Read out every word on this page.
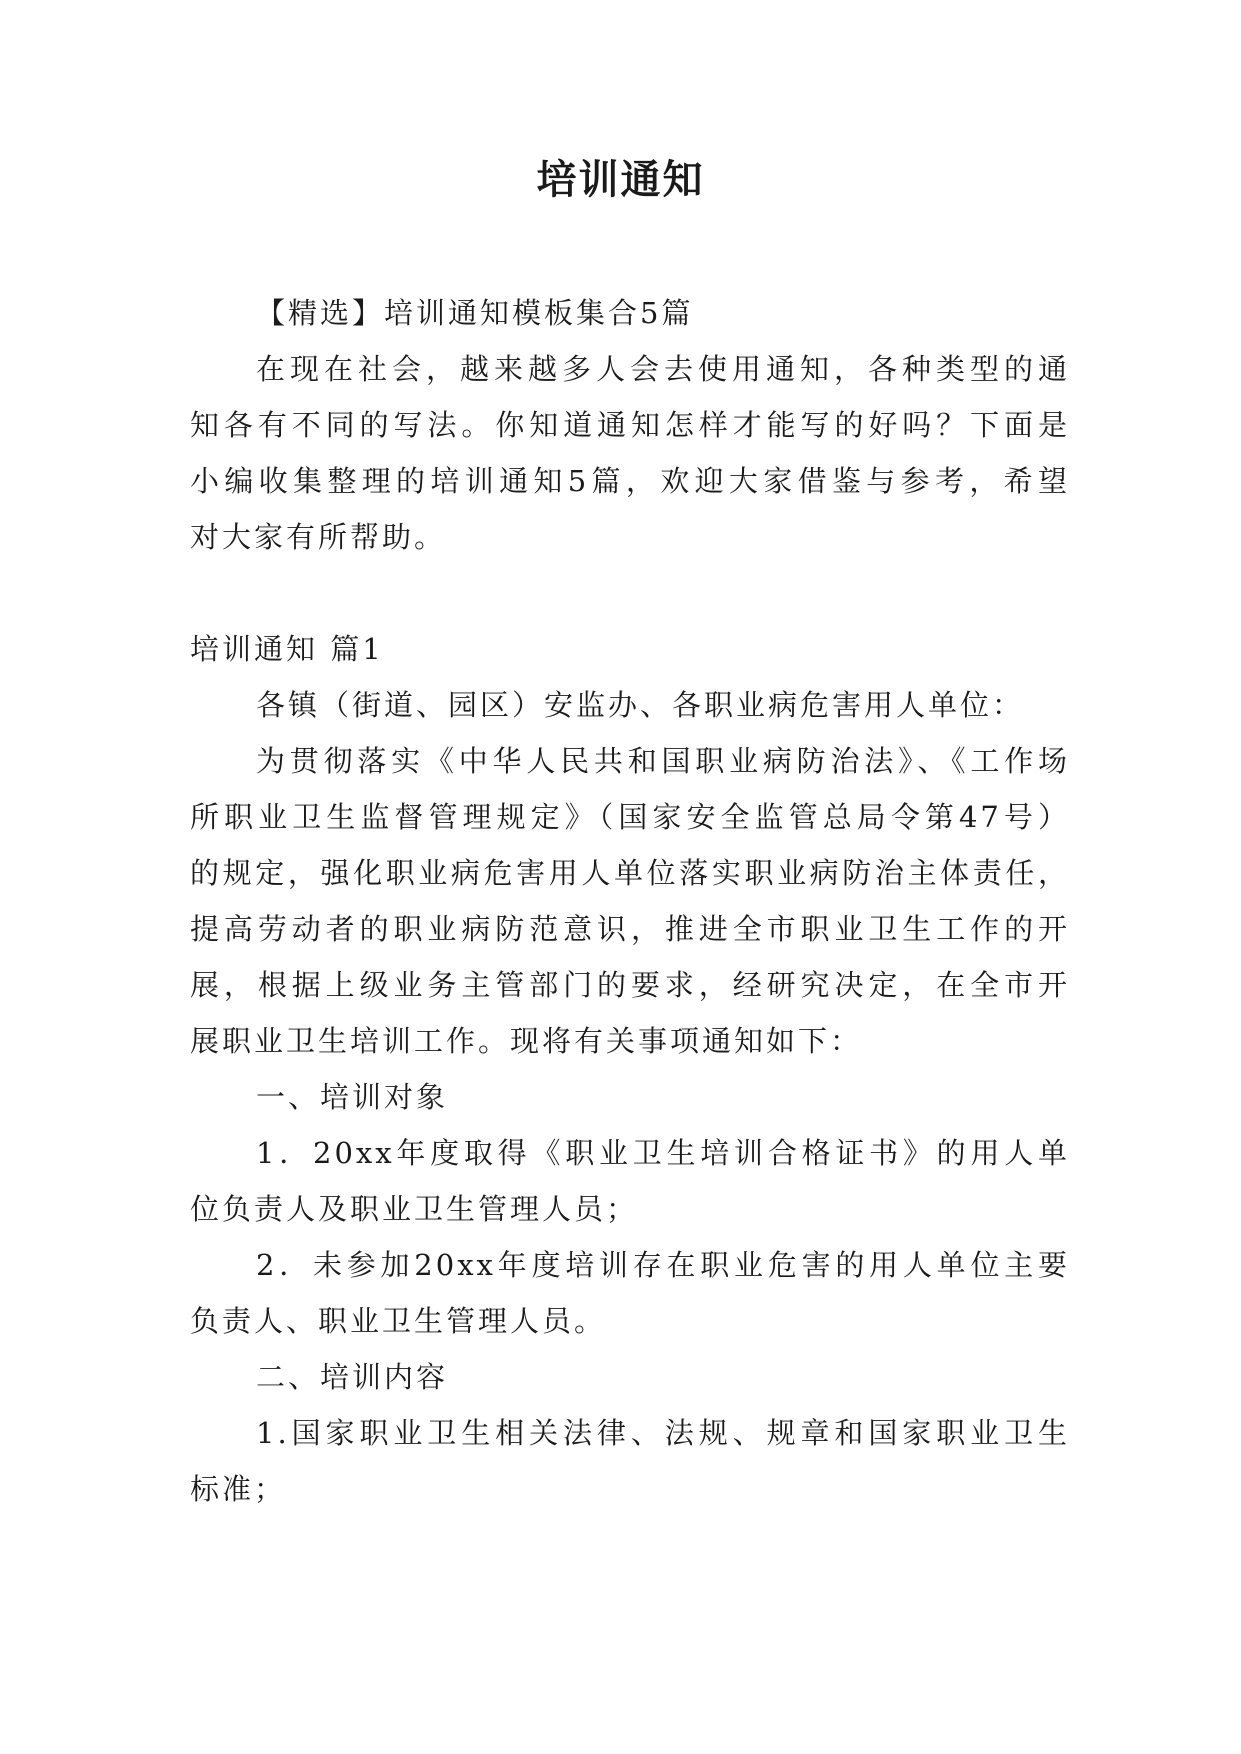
培训通知
【精选】培训通知模板集合5篇
在现在社会，越来越多人会去使用通知，各种类型的通
知各有不同的写法。你知道通知怎样才能写的好吗？下面是
小编收集整理的培训通知5篇，欢迎大家借鉴与参考，希望
对大家有所帮助。
培训通知 篇1
各镇（街道、园区）安监办、各职业病危害用人单位：
为贯彻落实《中华人民共和国职业病防治法》、《工作场
所职业卫生监督管理规定》（国家安全监管总局令第47号）
的规定，强化职业病危害用人单位落实职业病防治主体责任，
提高劳动者的职业病防范意识，推进全市职业卫生工作的开
展，根据上级业务主管部门的要求，经研究决定，在全市开
展职业卫生培训工作。现将有关事项通知如下：
一、培训对象
1．20xx年度取得《职业卫生培训合格证书》的用人单
位负责人及职业卫生管理人员；
2．未参加20xx年度培训存在职业危害的用人单位主要
负责人、职业卫生管理人员。
二、培训内容
1.国家职业卫生相关法律、法规、规章和国家职业卫生
标准；
